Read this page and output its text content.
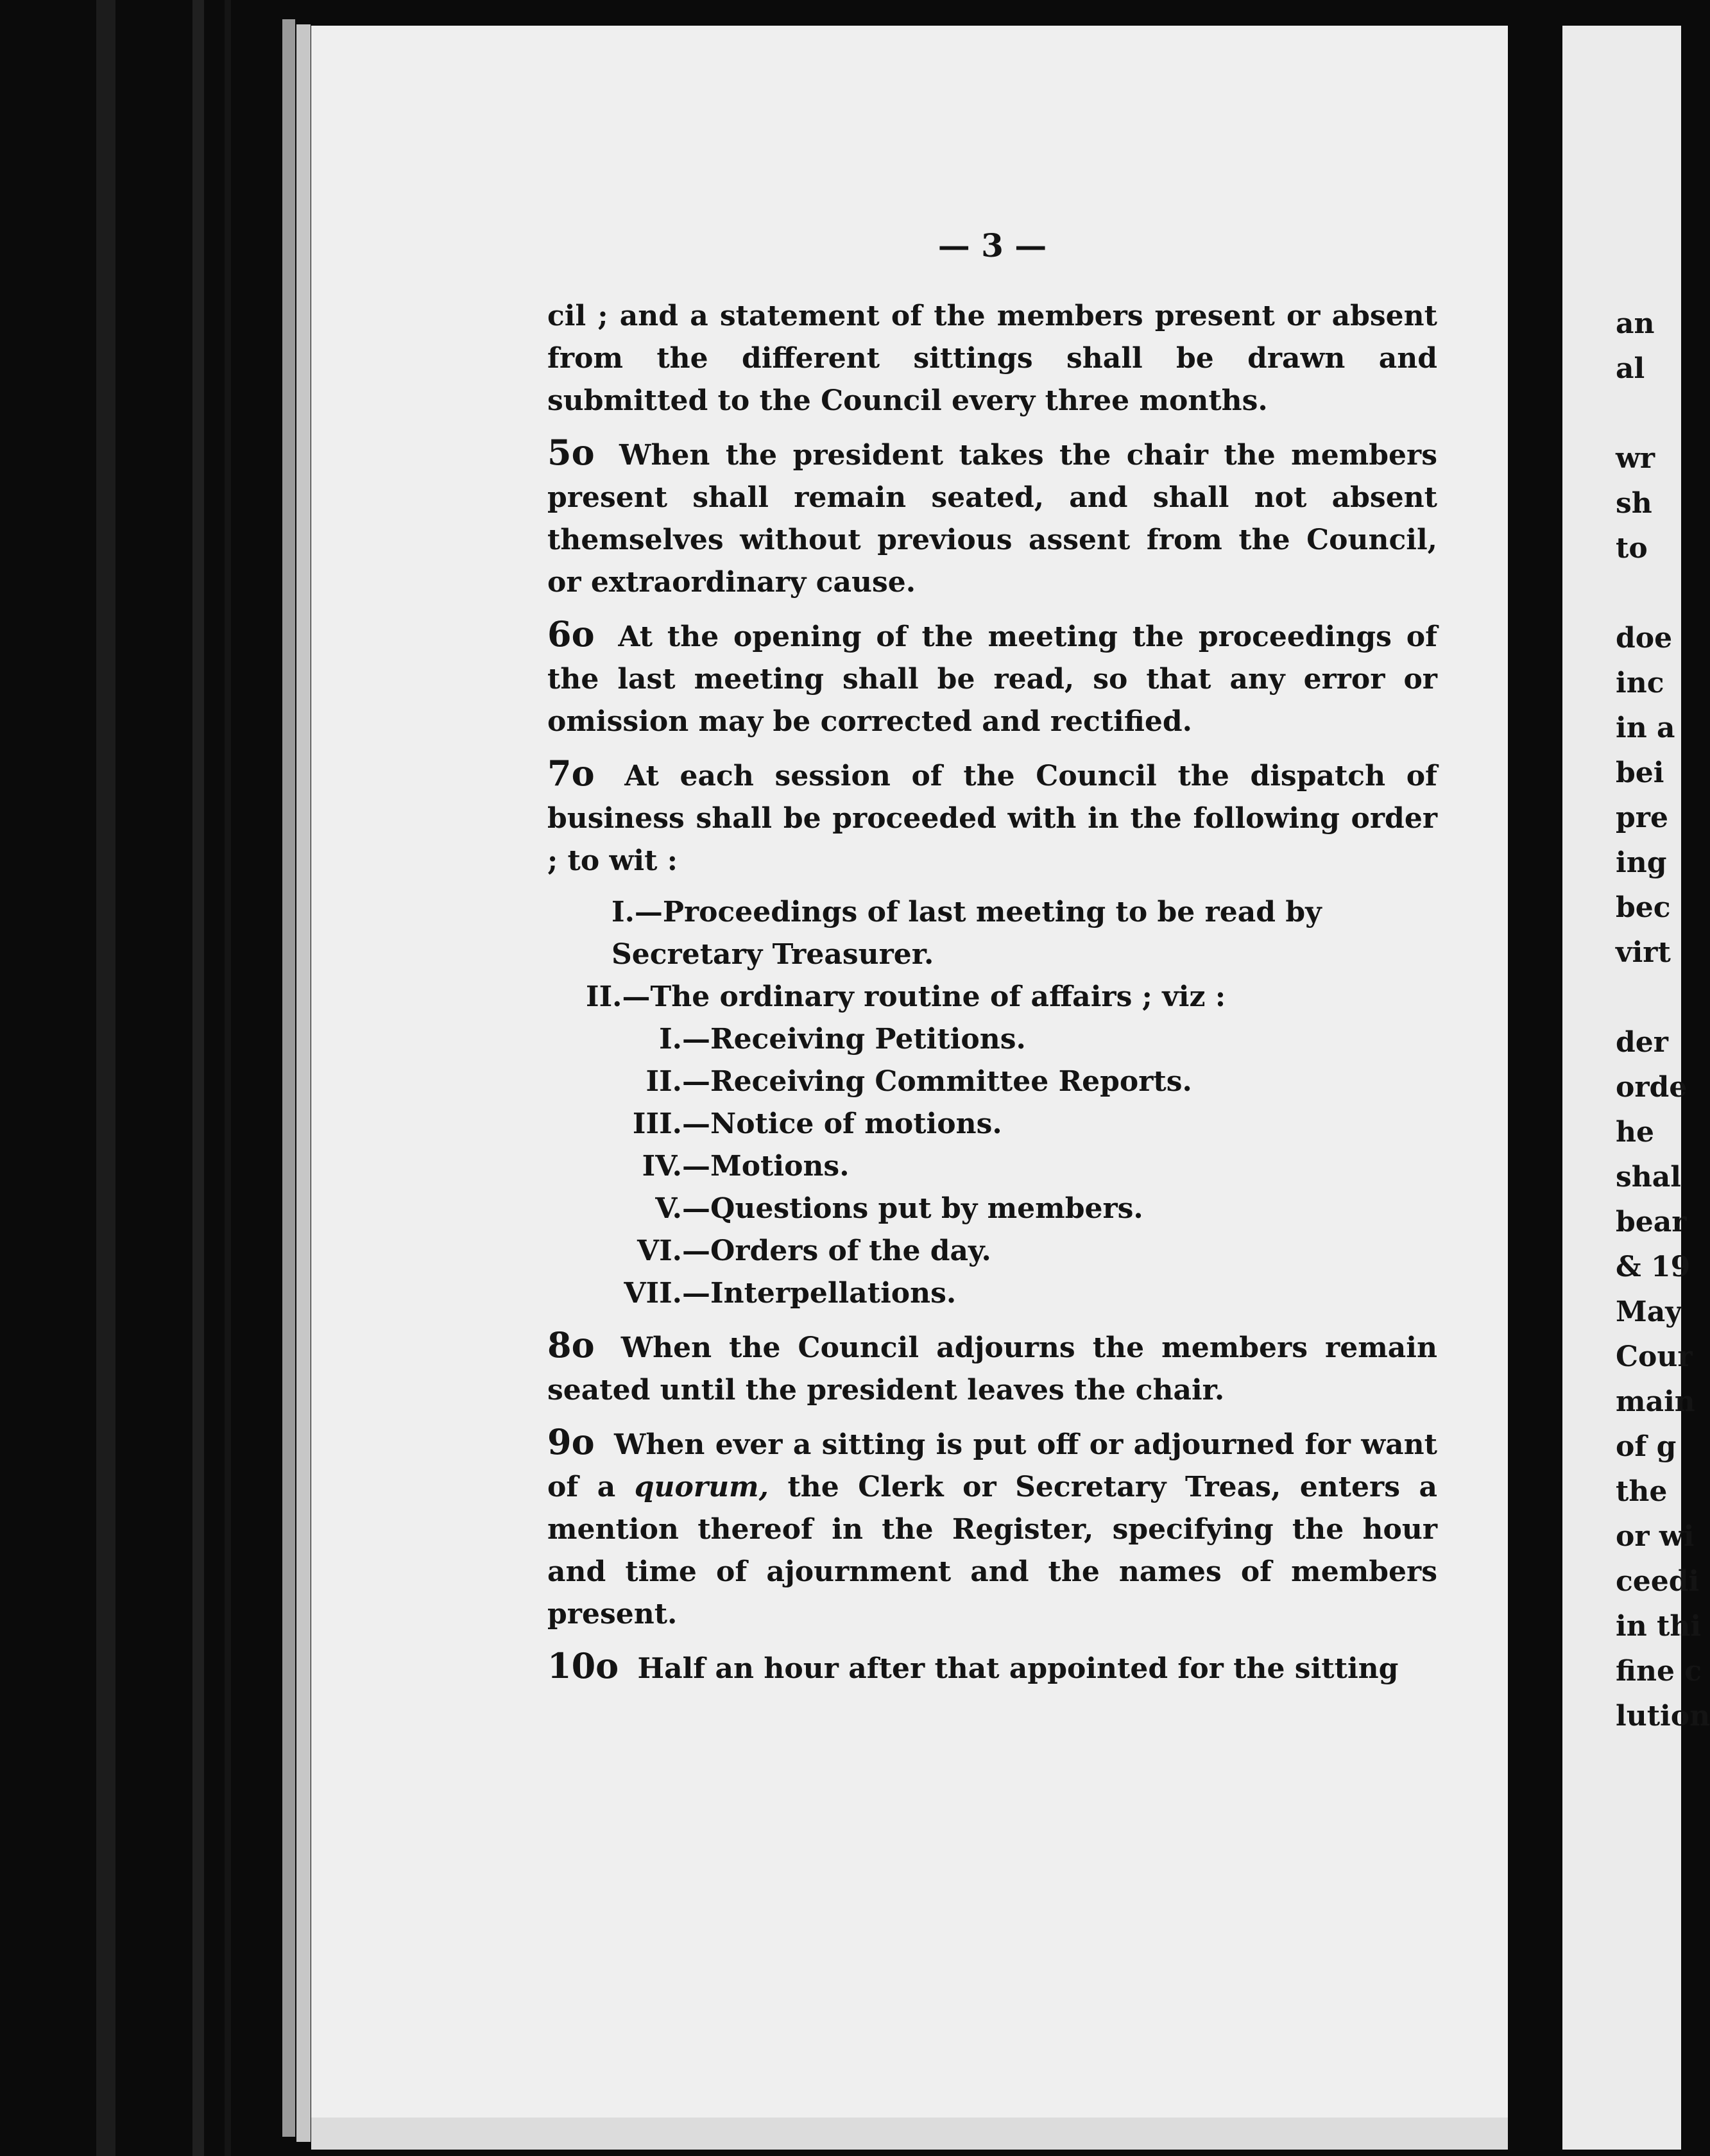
— 3 —

cil ; and a statement of the members present or absent from the different sittings shall be drawn and submitted to the Council every three months.

5o When the president takes the chair the members present shall remain seated, and shall not absent themselves without previous assent from the Council, or extraordinary cause.

6o At the opening of the meeting the proceedings of the last meeting shall be read, so that any error or omission may be corrected and rectified.

7o At each session of the Council the dispatch of business shall be proceeded with in the following order ; to wit :

I.—Proceedings of last meeting to be read by Secretary Treasurer.
II.—The ordinary routine of affairs ; viz :
I.—Receiving Petitions.
II.—Receiving Committee Reports.
III.—Notice of motions.
IV.—Motions.
V.—Questions put by members.
VI.—Orders of the day.
VII.—Interpellations.

8o When the Council adjourns the members remain seated until the president leaves the chair.

9o When ever a sitting is put off or adjourned for want of a quorum, the Clerk or Secretary Treas, enters a mention thereof in the Register, specifying the hour and time of ajournment and the names of members present.

10o Half an hour after that appointed for the sitting

an
al
wr
sh
to
doe
inc
in a
bei
pre
ing
bec
virt
der
orde
he
shal
bear
& 19
May
Cour
main
of g
the
or wi
ceedi
in thi
fine c
lution
